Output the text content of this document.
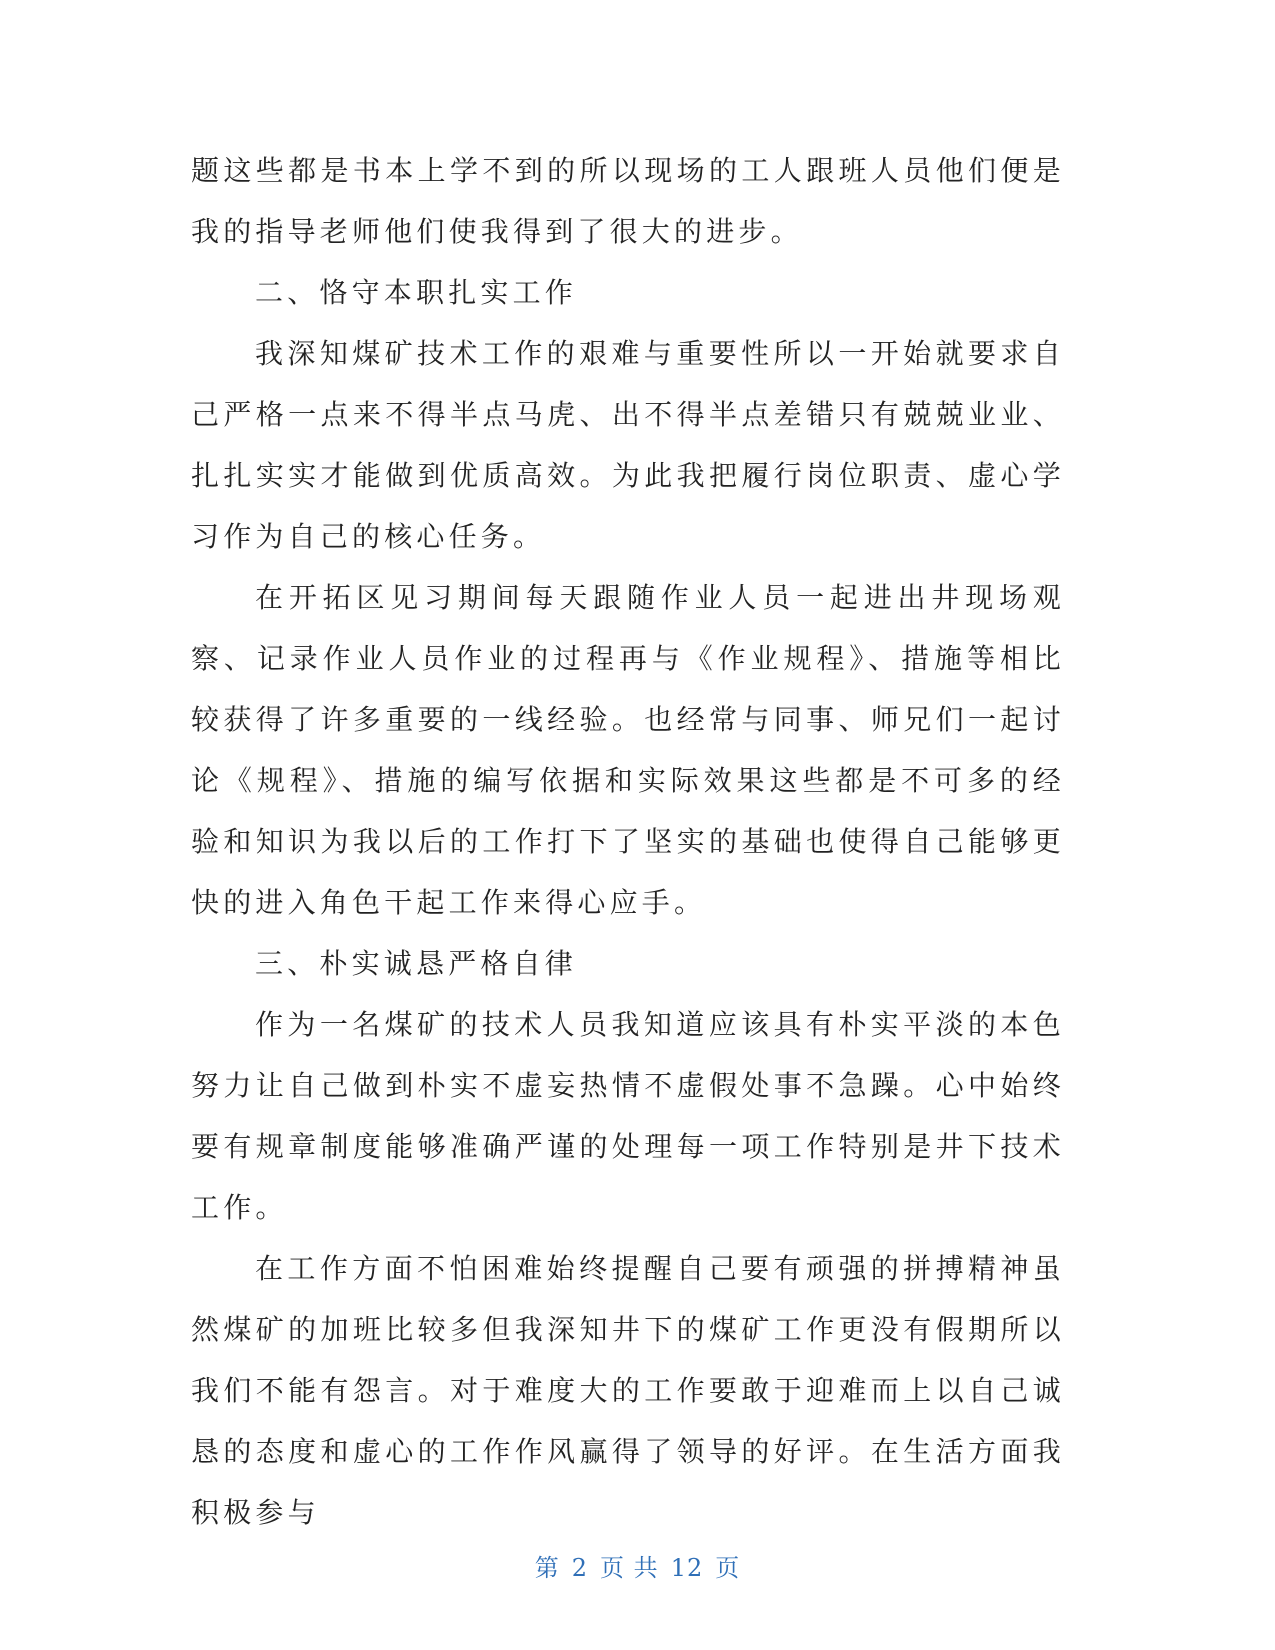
题这些都是书本上学不到的所以现场的工人跟班人员他们便是我的指导老师他们使我得到了很大的进步。

二、恪守本职扎实工作

我深知煤矿技术工作的艰难与重要性所以一开始就要求自己严格一点来不得半点马虎、出不得半点差错只有兢兢业业、扎扎实实才能做到优质高效。为此我把履行岗位职责、虚心学习作为自己的核心任务。

在开拓区见习期间每天跟随作业人员一起进出井现场观察、记录作业人员作业的过程再与《作业规程》、措施等相比较获得了许多重要的一线经验。也经常与同事、师兄们一起讨论《规程》、措施的编写依据和实际效果这些都是不可多的经验和知识为我以后的工作打下了坚实的基础也使得自己能够更快的进入角色干起工作来得心应手。

三、朴实诚恳严格自律

作为一名煤矿的技术人员我知道应该具有朴实平淡的本色努力让自己做到朴实不虚妄热情不虚假处事不急躁。心中始终要有规章制度能够准确严谨的处理每一项工作特别是井下技术工作。

在工作方面不怕困难始终提醒自己要有顽强的拼搏精神虽然煤矿的加班比较多但我深知井下的煤矿工作更没有假期所以我们不能有怨言。对于难度大的工作要敢于迎难而上以自己诚恳的态度和虚心的工作作风赢得了领导的好评。在生活方面我积极参与

第 2 页 共 12 页
